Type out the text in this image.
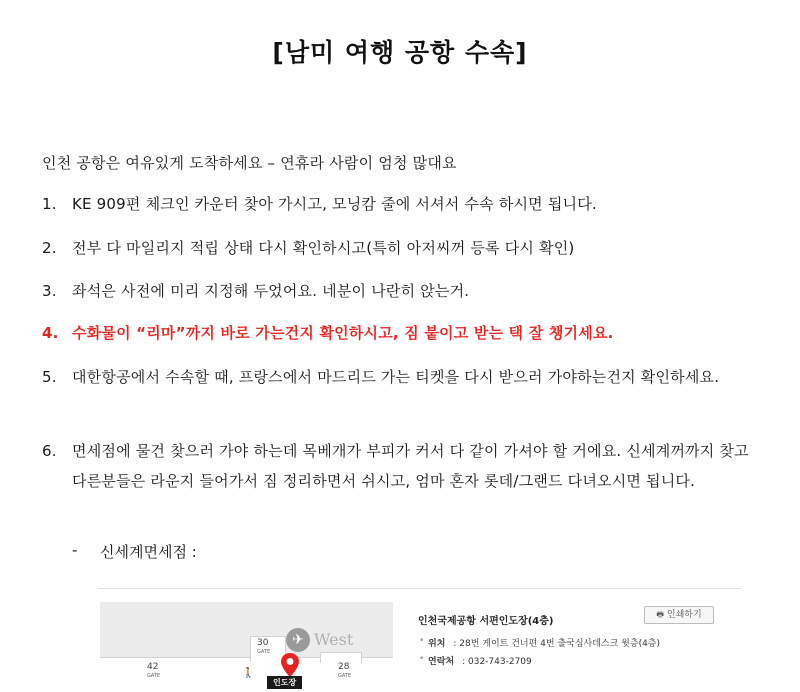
[남미 여행 공항 수속]
인천 공항은 여유있게 도착하세요 – 연휴라 사람이 엄청 많대요
1.	KE 909편 체크인 카운터 찾아 가시고, 모닝캄 줄에 서셔서 수속 하시면 됩니다.
2.	전부 다 마일리지 적립 상태 다시 확인하시고(특히 아저씨꺼 등록 다시 확인)
3.	좌석은 사전에 미리 지정해 두었어요. 네분이 나란히 앉는거.
4. 수화물이 “리마”까지 바로 가는건지 확인하시고, 짐 붙이고 받는 택 잘 챙기세요.
5.	대한항공에서 수속할 때, 프랑스에서 마드리드 가는 티켓을 다시 받으러 가야하는건지 확인하세요.
6.	면세점에 물건 찾으러 가야 하는데 목베개가 부피가 커서 다 같이 가셔야 할 거에요. 신세계꺼까지 찾고 다른분들은 라운지 들어가서 짐 정리하면서 쉬시고, 엄마 혼자 롯데/그랜드 다녀오시면 됩니다.
-	신세계면세점 :
30
GATE
42
GATE
28
GATE
✈ West
🚶
인도장
인천국제공항 서편인도장(4층)
🖶 인쇄하기
• 위치 : 28번 게이트 건너편 4번 출국심사데스크 윗층(4층)
• 연락처 : 032-743-2709
